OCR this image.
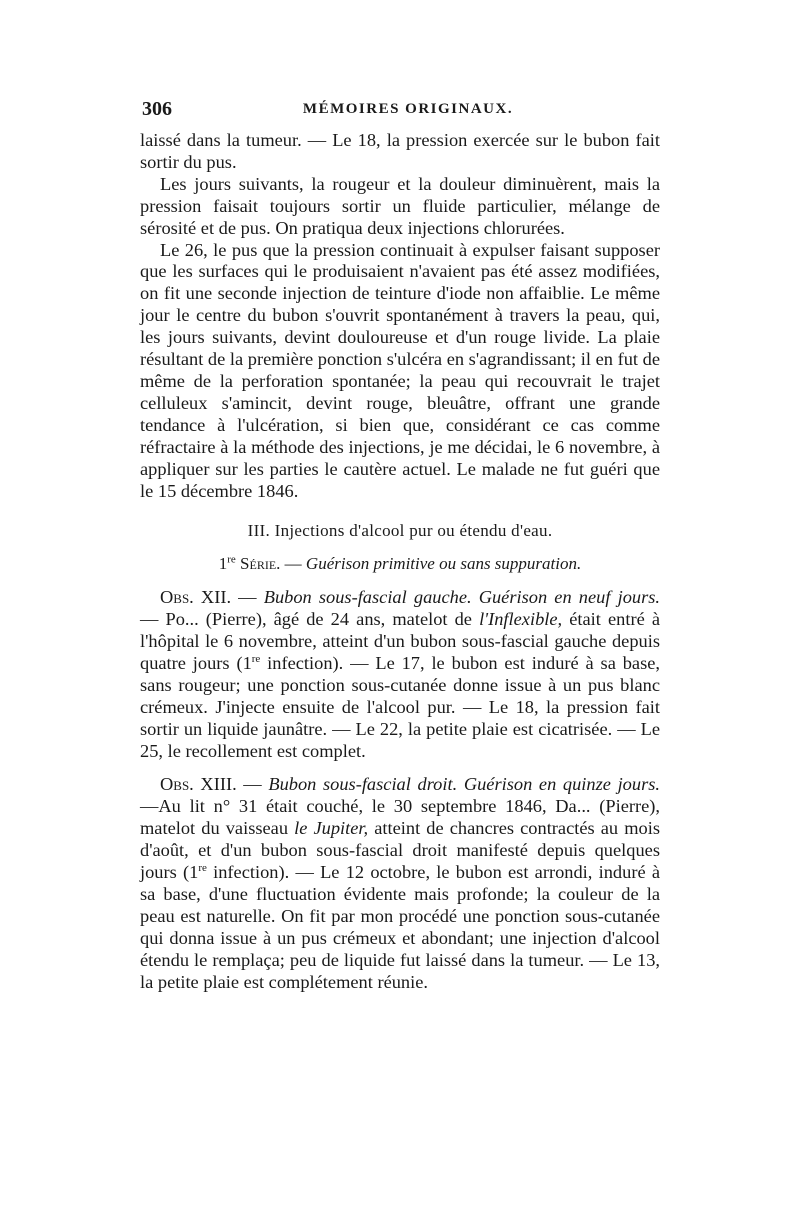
306	MÉMOIRES ORIGINAUX.

laissé dans la tumeur. — Le 18, la pression exercée sur le bubon fait sortir du pus.

Les jours suivants, la rougeur et la douleur diminuèrent, mais la pression faisait toujours sortir un fluide particulier, mélange de sérosité et de pus. On pratiqua deux injections chlorurées.

Le 26, le pus que la pression continuait à expulser faisant supposer que les surfaces qui le produisaient n'avaient pas été assez modifiées, on fit une seconde injection de teinture d'iode non affaiblie. Le même jour le centre du bubon s'ouvrit spontanément à travers la peau, qui, les jours suivants, devint douloureuse et d'un rouge livide. La plaie résultant de la première ponction s'ulcéra en s'agrandissant; il en fut de même de la perforation spontanée; la peau qui recouvrait le trajet celluleux s'amincit, devint rouge, bleuâtre, offrant une grande tendance à l'ulcération, si bien que, considérant ce cas comme réfractaire à la méthode des injections, je me décidai, le 6 novembre, à appliquer sur les parties le cautère actuel. Le malade ne fut guéri que le 15 décembre 1846.

III. Injections d'alcool pur ou étendu d'eau.

1re Série. — Guérison primitive ou sans suppuration.

Obs. XII. — Bubon sous-fascial gauche. Guérison en neuf jours. — Po... (Pierre), âgé de 24 ans, matelot de l'Inflexible, était entré à l'hôpital le 6 novembre, atteint d'un bubon sous-fascial gauche depuis quatre jours (1re infection). — Le 17, le bubon est induré à sa base, sans rougeur; une ponction sous-cutanée donne issue à un pus blanc crémeux. J'injecte ensuite de l'alcool pur. — Le 18, la pression fait sortir un liquide jaunâtre. — Le 22, la petite plaie est cicatrisée. — Le 25, le recollement est complet.

Obs. XIII. — Bubon sous-fascial droit. Guérison en quinze jours. —Au lit n° 31 était couché, le 30 septembre 1846, Da... (Pierre), matelot du vaisseau le Jupiter, atteint de chancres contractés au mois d'août, et d'un bubon sous-fascial droit manifesté depuis quelques jours (1re infection). — Le 12 octobre, le bubon est arrondi, induré à sa base, d'une fluctuation évidente mais profonde; la couleur de la peau est naturelle. On fit par mon procédé une ponction sous-cutanée qui donna issue à un pus crémeux et abondant; une injection d'alcool étendu le remplaça; peu de liquide fut laissé dans la tumeur. — Le 13, la petite plaie est complétement réunie.
